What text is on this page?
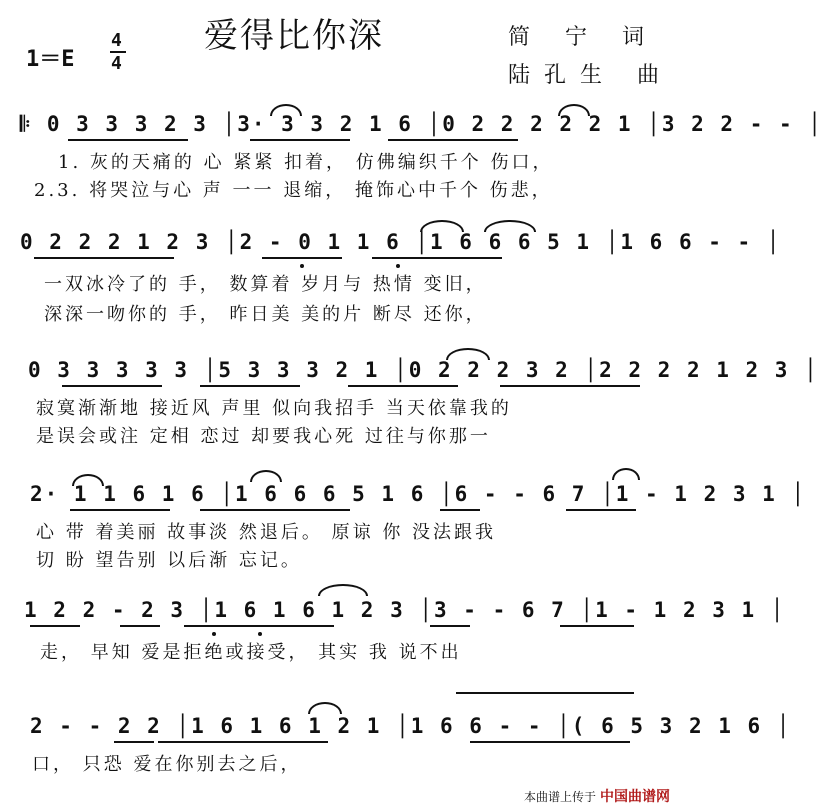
爱得比你深	简 宁 词
陆孔生 曲
1＝E
4
4
𝄆 0 3 3 3 2 3 │3· 3 3 2 1 6 │0 2 2 2 2 2 1 │3 2 2 - - │
1. 灰的天痛的 心 紧紧 扣着， 仿佛编织千个 伤口，
2.3. 将哭泣与心 声 一一 退缩， 掩饰心中千个 伤悲，
0 2 2 2 1 2 3 │2 - 0 1 1 6 │1 6 6 6 5 1 │1 6 6 - - │
一双冰冷了的 手， 数算着 岁月与 热情 变旧，
深深一吻你的 手， 昨日美 美的片 断尽 还你，
0 3 3 3 3 3 │5 3 3 3 2 1 │0 2 2 2 3 2 │2 2 2 2 1 2 3 │
寂寞渐渐地 接近风 声里 似向我招手 当天依靠我的
是误会或注 定相 恋过 却要我心死 过往与你那一
2· 1 1 6 1 6 │1 6 6 6 5 1 6 │6 - - 6 7 │1 - 1 2 3 1 │
心 带 着美丽 故事淡 然退后。 原谅 你 没法跟我
切 盼 望告别 以后渐 忘记。
1 2 2 - 2 3 │1 6 1 6 1 2 3 │3 - - 6 7 │1 - 1 2 3 1 │
走， 早知 爱是拒绝或接受， 其实 我 说不出
2 - - 2 2 │1 6 1 6 1 2 1 │1 6 6 - - │( 6 5 3 2 1 6 │
口， 只恐 爱在你别去之后，
本曲谱上传于 中国曲谱网
